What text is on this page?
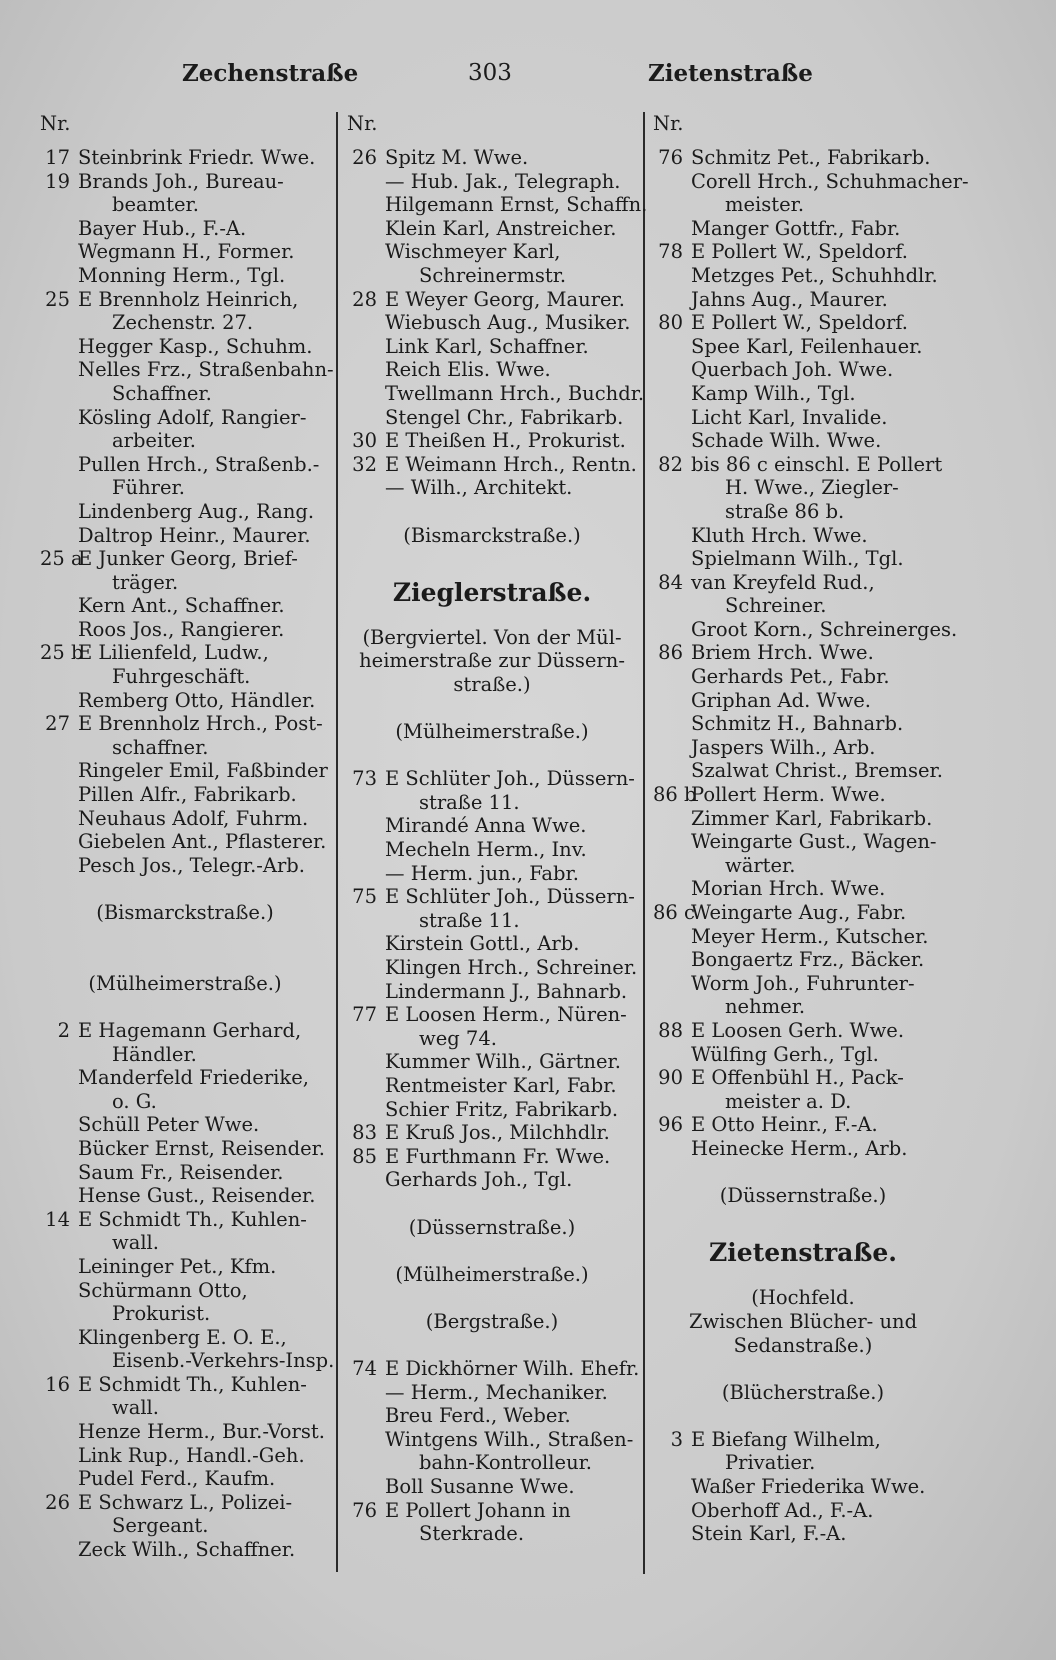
Zechenstraße	303	Zietenstraße
Nr.
17 Steinbrink Friedr. Wwe.
19 Brands Joh., Bureau-
beamter.
Bayer Hub., F.-A.
Wegmann H., Former.
Monning Herm., Tgl.
25 E Brennholz Heinrich,
Zechenstr. 27.
Hegger Kasp., Schuhm.
Nelles Frz., Straßenbahn-
Schaffner.
Kösling Adolf, Rangier-
arbeiter.
Pullen Hrch., Straßenb.-
Führer.
Lindenberg Aug., Rang.
Daltrop Heinr., Maurer.
25 a
E Junker Georg, Brief-
träger.
Kern Ant., Schaffner.
Roos Jos., Rangierer.
25 b
E Lilienfeld, Ludw.,
Fuhrgeschäft.
Remberg Otto, Händler.
27 E Brennholz Hrch., Post-
schaffner.
Ringeler Emil, Faßbinder
Pillen Alfr., Fabrikarb.
Neuhaus Adolf, Fuhrm.
Giebelen Ant., Pflasterer.
Pesch Jos., Telegr.-Arb.
(Bismarckstraße.)
(Mülheimerstraße.)
2 E Hagemann Gerhard,
Händler.
Manderfeld Friederike,
o. G.
Schüll Peter Wwe.
Bücker Ernst, Reisender.
Saum Fr., Reisender.
Hense Gust., Reisender.
14 E Schmidt Th., Kuhlen-
wall.
Leininger Pet., Kfm.
Schürmann Otto,
Prokurist.
Klingenberg E. O. E.,
Eisenb.-Verkehrs-Insp.
16 E Schmidt Th., Kuhlen-
wall.
Henze Herm., Bur.-Vorst.
Link Rup., Handl.-Geh.
Pudel Ferd., Kaufm.
26 E Schwarz L., Polizei-
Sergeant.
Zeck Wilh., Schaffner.
Nr.
26 Spitz M. Wwe.
— Hub. Jak., Telegraph.
Hilgemann Ernst, Schaffn.
Klein Karl, Anstreicher.
Wischmeyer Karl,
Schreinermstr.
28 E Weyer Georg, Maurer.
Wiebusch Aug., Musiker.
Link Karl, Schaffner.
Reich Elis. Wwe.
Twellmann Hrch., Buchdr.
Stengel Chr., Fabrikarb.
30 E Theißen H., Prokurist.
32 E Weimann Hrch., Rentn.
— Wilh., Architekt.
(Bismarckstraße.)
Zieglerstraße.
(Bergviertel. Von der Mül-
heimerstraße zur Düssern-
straße.)
(Mülheimerstraße.)
73 E Schlüter Joh., Düssern-
straße 11.
Mirandé Anna Wwe.
Mecheln Herm., Inv.
— Herm. jun., Fabr.
75 E Schlüter Joh., Düssern-
straße 11.
Kirstein Gottl., Arb.
Klingen Hrch., Schreiner.
Lindermann J., Bahnarb.
77 E Loosen Herm., Nüren-
weg 74.
Kummer Wilh., Gärtner.
Rentmeister Karl, Fabr.
Schier Fritz, Fabrikarb.
83 E Kruß Jos., Milchhdlr.
85 E Furthmann Fr. Wwe.
Gerhards Joh., Tgl.
(Düssernstraße.)
(Mülheimerstraße.)
(Bergstraße.)
74 E Dickhörner Wilh. Ehefr.
— Herm., Mechaniker.
Breu Ferd., Weber.
Wintgens Wilh., Straßen-
bahn-Kontrolleur.
Boll Susanne Wwe.
76 E Pollert Johann in
Sterkrade.
Nr.
76 Schmitz Pet., Fabrikarb.
Corell Hrch., Schuhmacher-
meister.
Manger Gottfr., Fabr.
78 E Pollert W., Speldorf.
Metzges Pet., Schuhhdlr.
Jahns Aug., Maurer.
80 E Pollert W., Speldorf.
Spee Karl, Feilenhauer.
Querbach Joh. Wwe.
Kamp Wilh., Tgl.
Licht Karl, Invalide.
Schade Wilh. Wwe.
82 bis 86 c einschl. E Pollert
H. Wwe., Ziegler-
straße 86 b.
Kluth Hrch. Wwe.
Spielmann Wilh., Tgl.
84 van Kreyfeld Rud.,
Schreiner.
Groot Korn., Schreinerges.
86 Briem Hrch. Wwe.
Gerhards Pet., Fabr.
Griphan Ad. Wwe.
Schmitz H., Bahnarb.
Jaspers Wilh., Arb.
Szalwat Christ., Bremser.
86 b
Pollert Herm. Wwe.
Zimmer Karl, Fabrikarb.
Weingarte Gust., Wagen-
wärter.
Morian Hrch. Wwe.
86 c
Weingarte Aug., Fabr.
Meyer Herm., Kutscher.
Bongaertz Frz., Bäcker.
Worm Joh., Fuhrunter-
nehmer.
88 E Loosen Gerh. Wwe.
Wülfing Gerh., Tgl.
90 E Offenbühl H., Pack-
meister a. D.
96 E Otto Heinr., F.-A.
Heinecke Herm., Arb.
(Düssernstraße.)
Zietenstraße.
(Hochfeld.
Zwischen Blücher- und
Sedanstraße.)
(Blücherstraße.)
3 E Biefang Wilhelm,
Privatier.
Waßer Friederika Wwe.
Oberhoff Ad., F.-A.
Stein Karl, F.-A.
